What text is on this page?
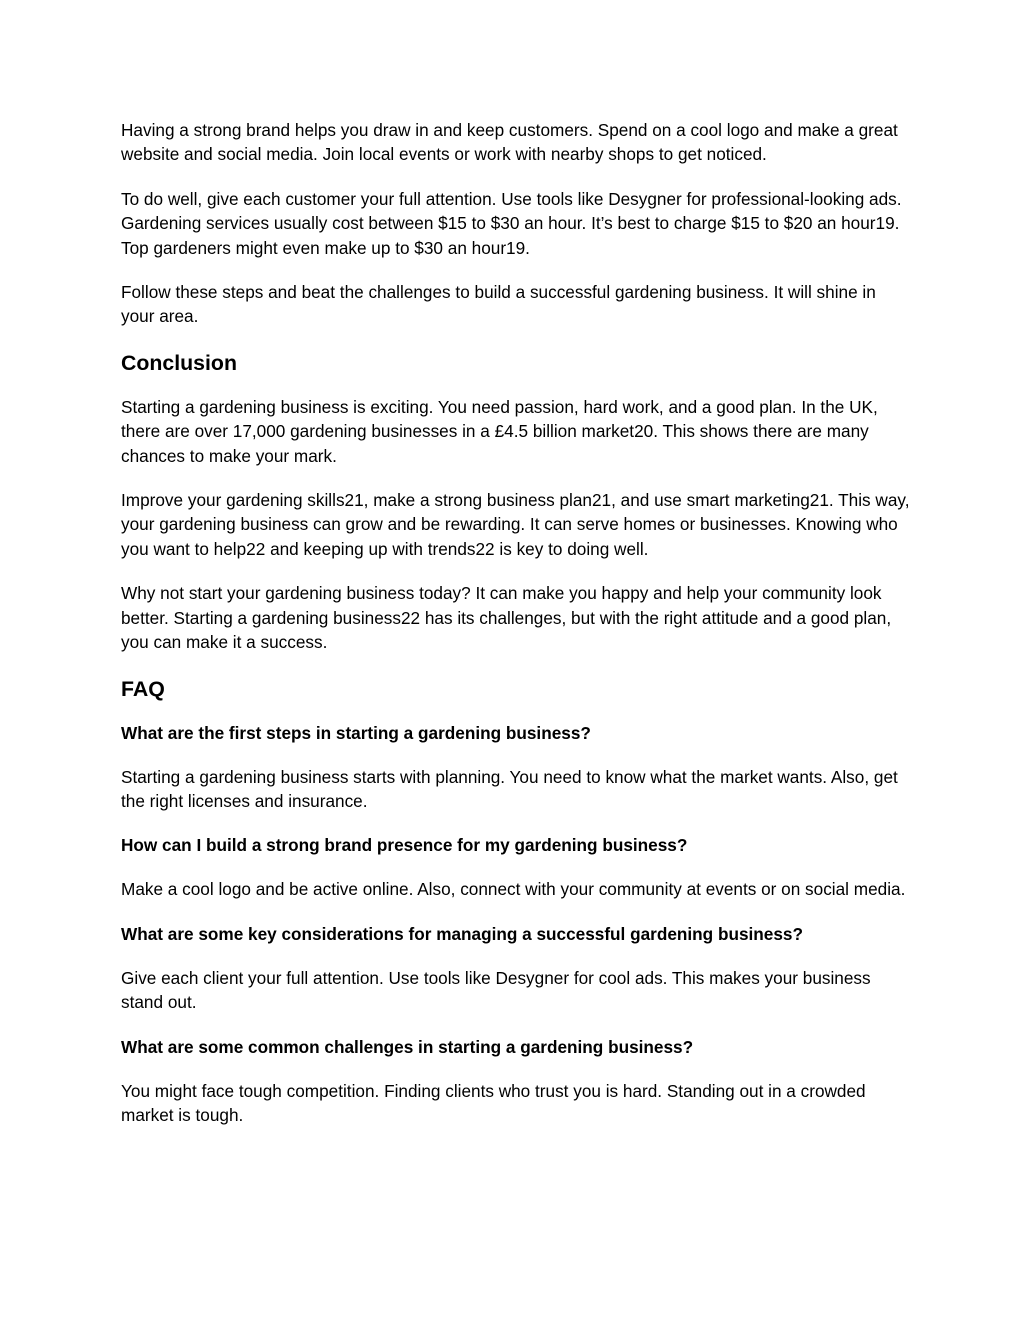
Having a strong brand helps you draw in and keep customers. Spend on a cool logo and make a great website and social media. Join local events or work with nearby shops to get noticed.

To do well, give each customer your full attention. Use tools like Desygner for professional-looking ads. Gardening services usually cost between $15 to $30 an hour. It’s best to charge $15 to $20 an hour19. Top gardeners might even make up to $30 an hour19.

Follow these steps and beat the challenges to build a successful gardening business. It will shine in your area.

Conclusion

Starting a gardening business is exciting. You need passion, hard work, and a good plan. In the UK, there are over 17,000 gardening businesses in a £4.5 billion market20. This shows there are many chances to make your mark.

Improve your gardening skills21, make a strong business plan21, and use smart marketing21. This way, your gardening business can grow and be rewarding. It can serve homes or businesses. Knowing who you want to help22 and keeping up with trends22 is key to doing well.

Why not start your gardening business today? It can make you happy and help your community look better. Starting a gardening business22 has its challenges, but with the right attitude and a good plan, you can make it a success.

FAQ
What are the first steps in starting a gardening business?

Starting a gardening business starts with planning. You need to know what the market wants. Also, get the right licenses and insurance.

How can I build a strong brand presence for my gardening business?

Make a cool logo and be active online. Also, connect with your community at events or on social media.

What are some key considerations for managing a successful gardening business?

Give each client your full attention. Use tools like Desygner for cool ads. This makes your business stand out.

What are some common challenges in starting a gardening business?

You might face tough competition. Finding clients who trust you is hard. Standing out in a crowded market is tough.
